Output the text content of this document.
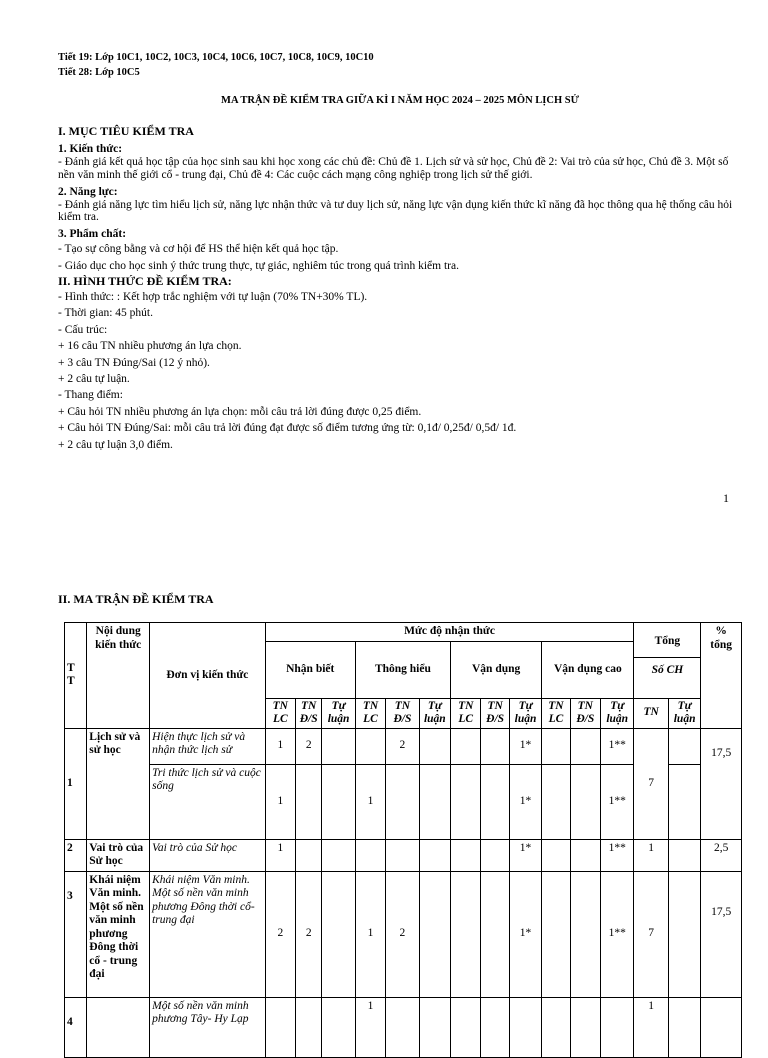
Tiết 19: Lớp 10C1, 10C2, 10C3, 10C4, 10C6, 10C7, 10C8, 10C9, 10C10
Tiết 28: Lớp 10C5
MA TRẬN ĐỀ KIỂM TRA GIỮA KÌ I NĂM HỌC 2024 – 2025 MÔN LỊCH SỬ
I. MỤC TIÊU KIỂM TRA
1. Kiến thức:
- Đánh giá kết quả học tập của học sinh sau khi học xong các chủ đề: Chủ đề 1. Lịch sử và sử học, Chủ đề 2: Vai trò của sử học, Chủ đề 3. Một số nền văn minh thế giới cổ - trung đại, Chủ đề 4: Các cuộc cách mạng công nghiệp trong lịch sử thế giới.
2. Năng lực:
- Đánh giá năng lực tìm hiểu lịch sử, năng lực nhận thức và tư duy lịch sử, năng lực vận dụng kiến thức kĩ năng đã học thông qua hệ thống câu hỏi kiểm tra.
3. Phẩm chất:
- Tạo sự công bằng và cơ hội để HS thể hiện kết quả học tập.
- Giáo dục cho học sinh ý thức trung thực, tự giác, nghiêm túc trong quá trình kiểm tra.
II. HÌNH THỨC ĐỀ KIỂM TRA:
- Hình thức: : Kết hợp trắc nghiệm với tự luận (70% TN+30% TL).
- Thời gian: 45 phút.
- Cấu trúc:
+ 16 câu TN nhiều phương án lựa chọn.
+ 3 câu TN Đúng/Sai (12 ý nhỏ).
+ 2 câu tự luận.
- Thang điểm:
+ Câu hỏi TN nhiều phương án lựa chọn: mỗi câu trả lời đúng được 0,25 điểm.
+ Câu hỏi TN Đúng/Sai: mỗi câu trả lời đúng đạt được số điểm tương ứng từ: 0,1đ/ 0,25đ/ 0,5đ/ 1đ.
+ 2 câu tự luận 3,0 điểm.
1
II. MA TRẬN ĐỀ KIỂM TRA
T T	Nội dung kiến thức	Đơn vị kiến thức	Mức độ nhận thức												Tổng
Số CH		% tổng
			Nhận biết			Thông hiểu			Vận dụng			Vận dụng cao					
			TN LC	TN Đ/S	Tự luận	TN LC	TN Đ/S	Tự luận	TN LC	TN Đ/S	Tự luận	TN LC	TN Đ/S	Tự luận	TN	Tự luận	
1	Lịch sử và sử học	Hiện thực lịch sử và nhận thức lịch sử	1	2			2				1*			1**	7		17,5
		Tri thức lịch sử và cuộc sống	1			1					1*			1**			
2	Vai trò của Sử học	Vai trò của Sử học	1								1*			1**	1		2,5
3	Khái niệm Văn minh. Một số nền văn minh phương Đông thời cổ - trung đại	Khái niệm Văn minh. Một số nền văn minh phương Đông thời cổ-trung đại	2	2		1	2				1*			1**	7		17,5
4		Một số nền văn minh phương Tây- Hy Lạp				1									1		
